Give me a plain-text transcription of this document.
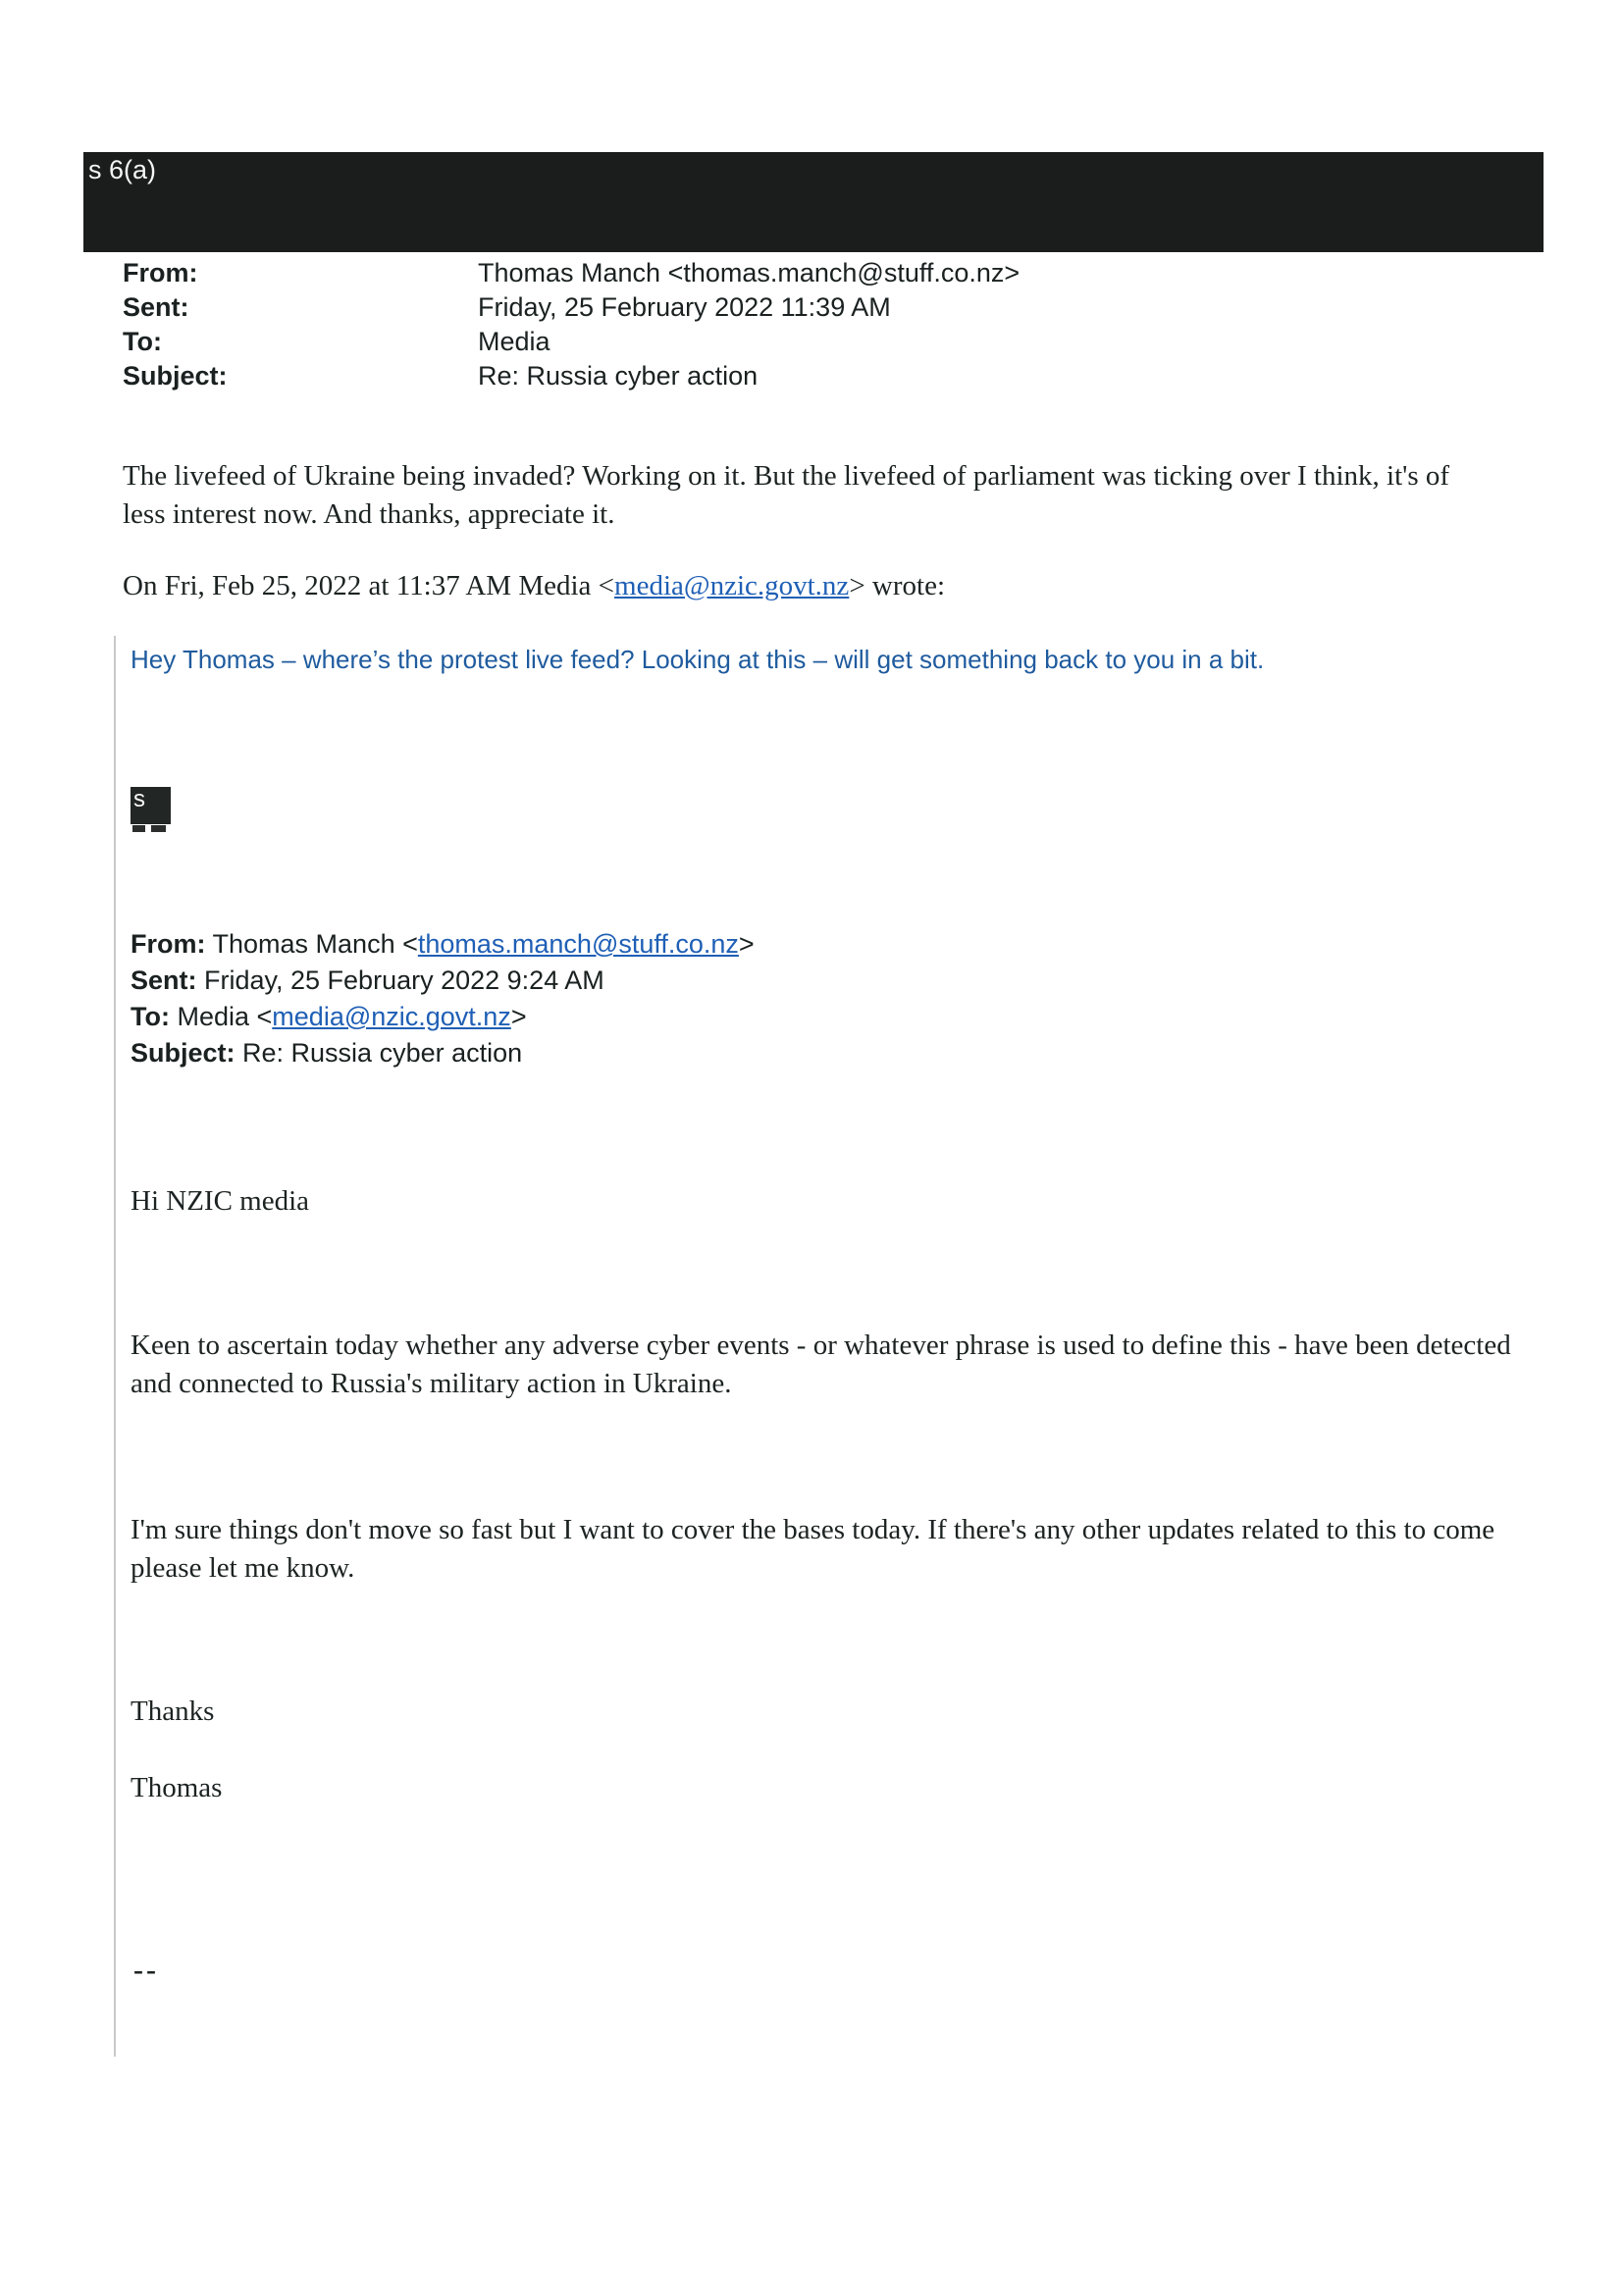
s 6(a)
From:	Thomas Manch <thomas.manch@stuff.co.nz>
Sent:	Friday, 25 February 2022 11:39 AM
To:	Media
Subject:	Re: Russia cyber action
The livefeed of Ukraine being invaded? Working on it. But the livefeed of parliament was ticking over I think, it's of less interest now. And thanks, appreciate it.
On Fri, Feb 25, 2022 at 11:37 AM Media <media@nzic.govt.nz> wrote:
Hey Thomas – where’s the protest live feed? Looking at this – will get something back to you in a bit.
s
From: Thomas Manch <thomas.manch@stuff.co.nz>
Sent: Friday, 25 February 2022 9:24 AM
To: Media <media@nzic.govt.nz>
Subject: Re: Russia cyber action
Hi NZIC media
Keen to ascertain today whether any adverse cyber events - or whatever phrase is used to define this - have been detected and connected to Russia's military action in Ukraine.
I'm sure things don't move so fast but I want to cover the bases today. If there's any other updates related to this to come please let me know.
Thanks
Thomas
--
